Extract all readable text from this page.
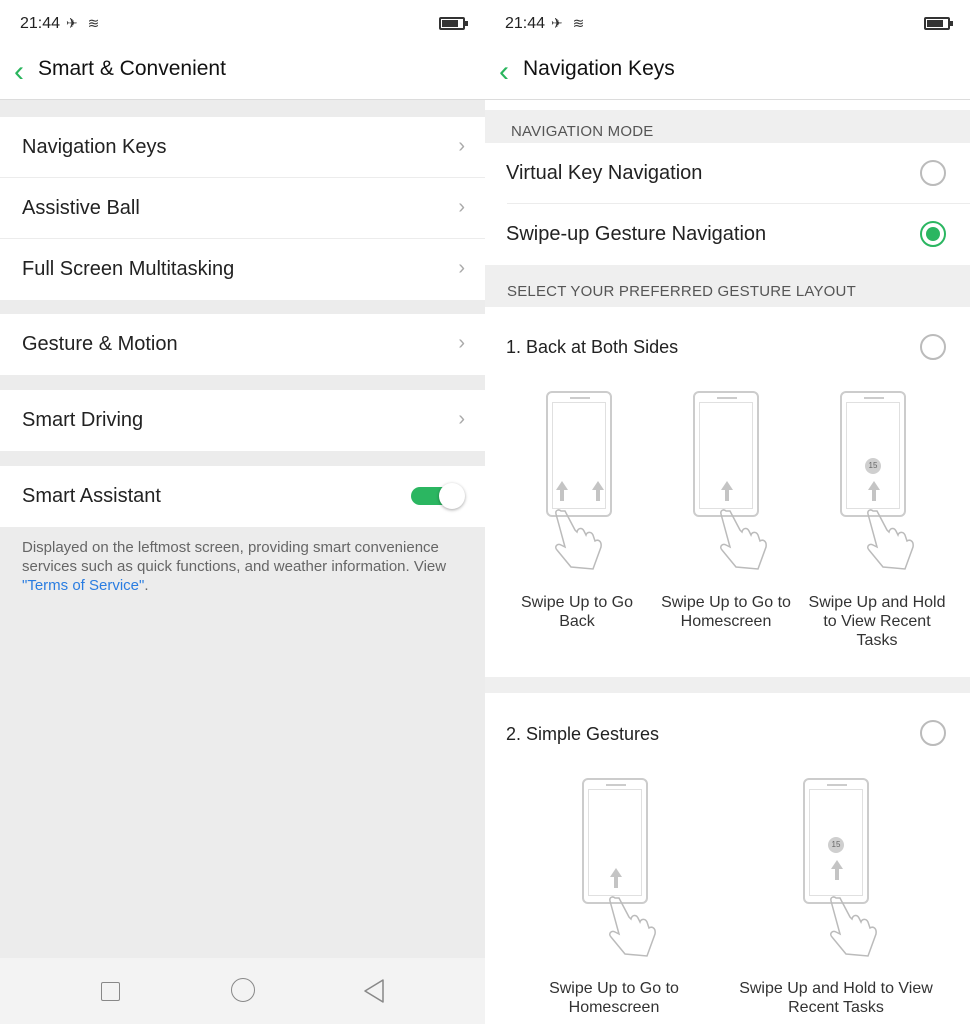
21:44 ✈ ≋
‹ Smart & Convenient
Navigation Keys	›
Assistive Ball	›
Full Screen Multitasking	›
Gesture & Motion	›
Smart Driving	›
Smart Assistant
Displayed on the leftmost screen, providing smart convenience services such as quick functions, and weather information. View "Terms of Service".
21:44 ✈ ≋
‹ Navigation Keys
NAVIGATION MODE
Virtual Key Navigation
Swipe-up Gesture Navigation
SELECT YOUR PREFERRED GESTURE LAYOUT
1. Back at Both Sides
Swipe Up to Go Back
Swipe Up to Go to Homescreen
15
Swipe Up and Hold to View Recent Tasks
2. Simple Gestures
Swipe Up to Go to Homescreen
15
Swipe Up and Hold to View Recent Tasks
